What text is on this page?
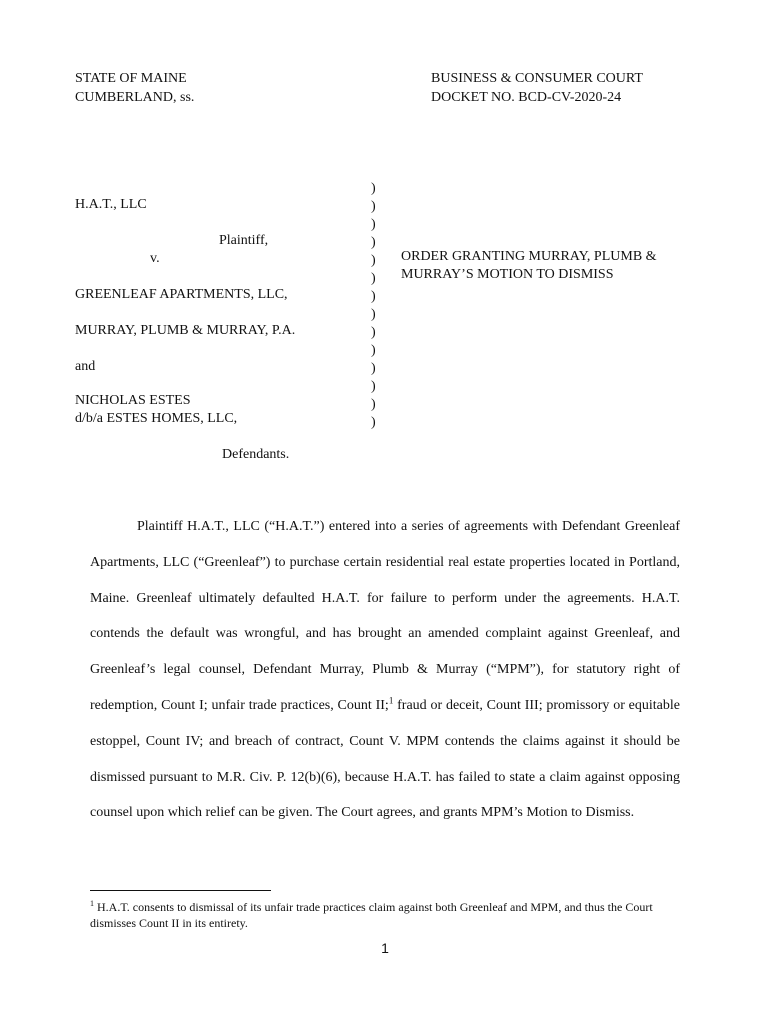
STATE OF MAINE
CUMBERLAND, ss.
BUSINESS & CONSUMER COURT
DOCKET NO. BCD-CV-2020-24
H.A.T., LLC
Plaintiff,
v.
GREENLEAF APARTMENTS, LLC,
MURRAY, PLUMB & MURRAY, P.A.
and
NICHOLAS ESTES
d/b/a ESTES HOMES, LLC,
Defendants.
)
)
)
)
)
)
)
)
)
)
)
)
)
)
ORDER GRANTING MURRAY, PLUMB &
MURRAY’S MOTION TO DISMISS
Plaintiff H.A.T., LLC (“H.A.T.”) entered into a series of agreements with Defendant Greenleaf Apartments, LLC (“Greenleaf”) to purchase certain residential real estate properties located in Portland, Maine. Greenleaf ultimately defaulted H.A.T. for failure to perform under the agreements. H.A.T. contends the default was wrongful, and has brought an amended complaint against Greenleaf, and Greenleaf’s legal counsel, Defendant Murray, Plumb & Murray (“MPM”), for statutory right of redemption, Count I; unfair trade practices, Count II;$^1$ fraud or deceit, Count III; promissory or equitable estoppel, Count IV; and breach of contract, Count V. MPM contends the claims against it should be dismissed pursuant to M.R. Civ. P. 12(b)(6), because H.A.T. has failed to state a claim against opposing counsel upon which relief can be given. The Court agrees, and grants MPM’s Motion to Dismiss.
$^1$ H.A.T. consents to dismissal of its unfair trade practices claim against both Greenleaf and MPM, and thus the Court dismisses Count II in its entirety.
1
